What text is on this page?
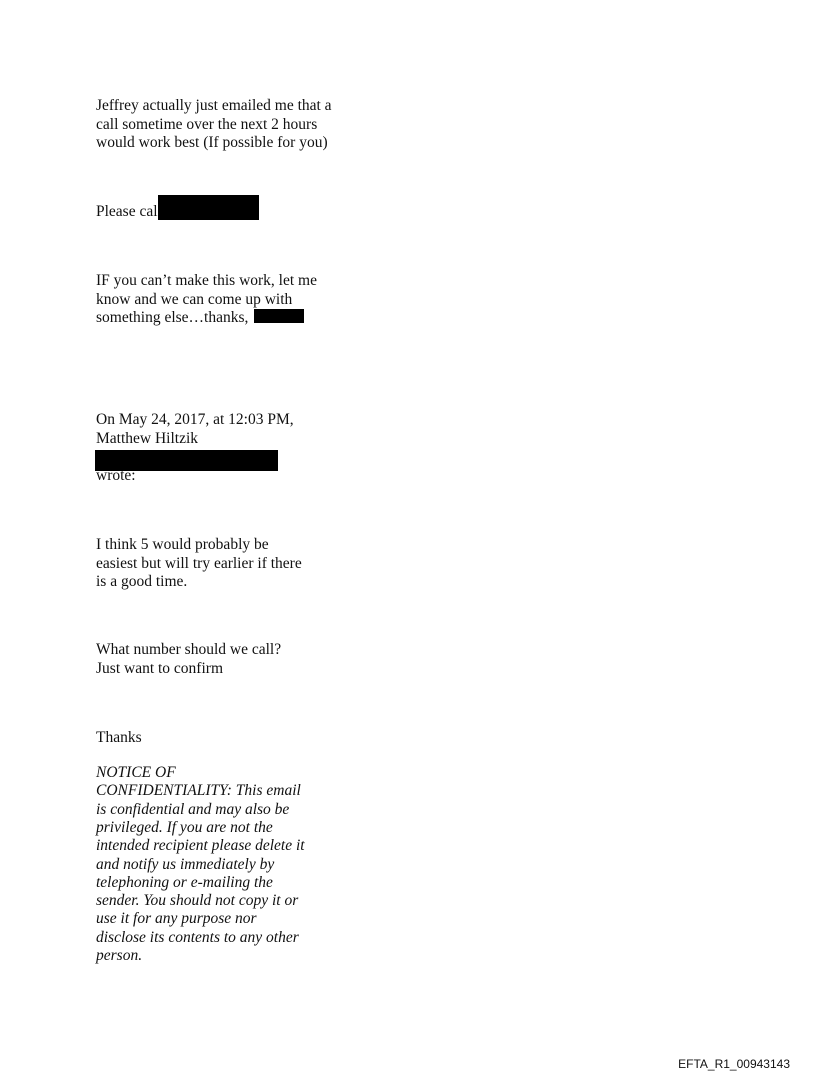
Jeffrey actually just emailed me that a

call sometime over the next 2 hours

would work best (If possible for you)

Please cal

IF you can’t make this work, let me

know and we can come up with

something else…thanks,

On May 24, 2017, at 12:03 PM,

Matthew Hiltzik

wrote:

I think 5 would probably be

easiest but will try earlier if there

is a good time.

What number should we call?

Just want to confirm

Thanks

NOTICE OF

CONFIDENTIALITY: This email

is confidential and may also be

privileged. If you are not the

intended recipient please delete it

and notify us immediately by

telephoning or e-mailing the

sender. You should not copy it or

use it for any purpose nor

disclose its contents to any other

person.

EFTA_R1_00943143
